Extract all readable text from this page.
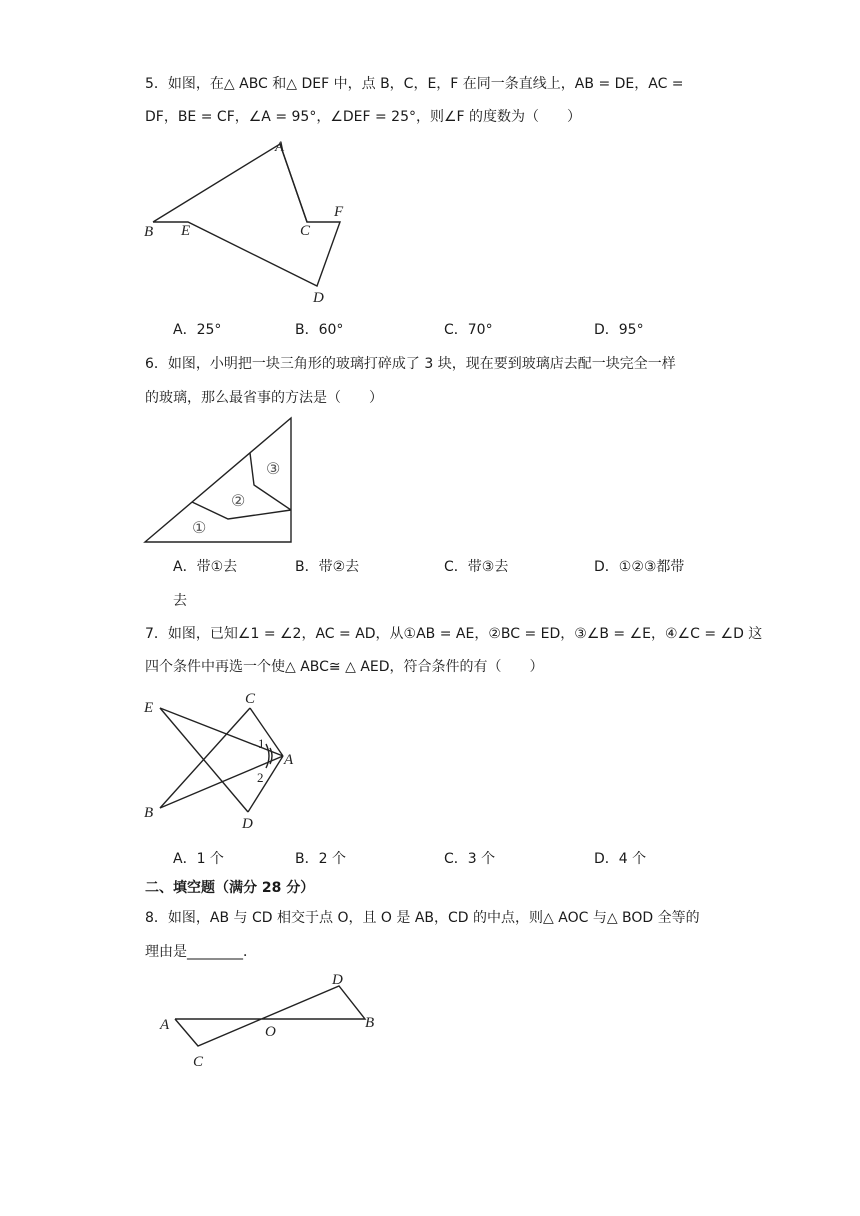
5．如图，在△ ABC 和△ DEF 中，点 B，C，E，F 在同一条直线上，AB = DE，AC =
DF，BE = CF，∠A = 95°，∠DEF = 25°，则∠F 的度数为（　　）
A
B E	C
F
D
A．25°	B．60°	C．70°	D．95°
6．如图，小明把一块三角形的玻璃打碎成了 3 块，现在要到玻璃店去配一块完全一样
的玻璃，那么最省事的方法是（　　）
①
②
③
A．带①去	B．带②去	C．带③去	D．①②③都带
去
7．如图，已知∠1 = ∠2，AC = AD，从①AB = AE，②BC = ED，③∠B = ∠E，④∠C = ∠D 这
四个条件中再选一个使△ ABC≅ △ AED，符合条件的有（　　）
E
C
A
B
D
1
2
A．1 个	B．2 个	C．3 个	D．4 个
二、填空题（满分 28 分）
8．如图，AB 与 CD 相交于点 O，且 O 是 AB，CD 的中点，则△ AOC 与△ BOD 全等的
理由是________．
A
C
O
D
B
